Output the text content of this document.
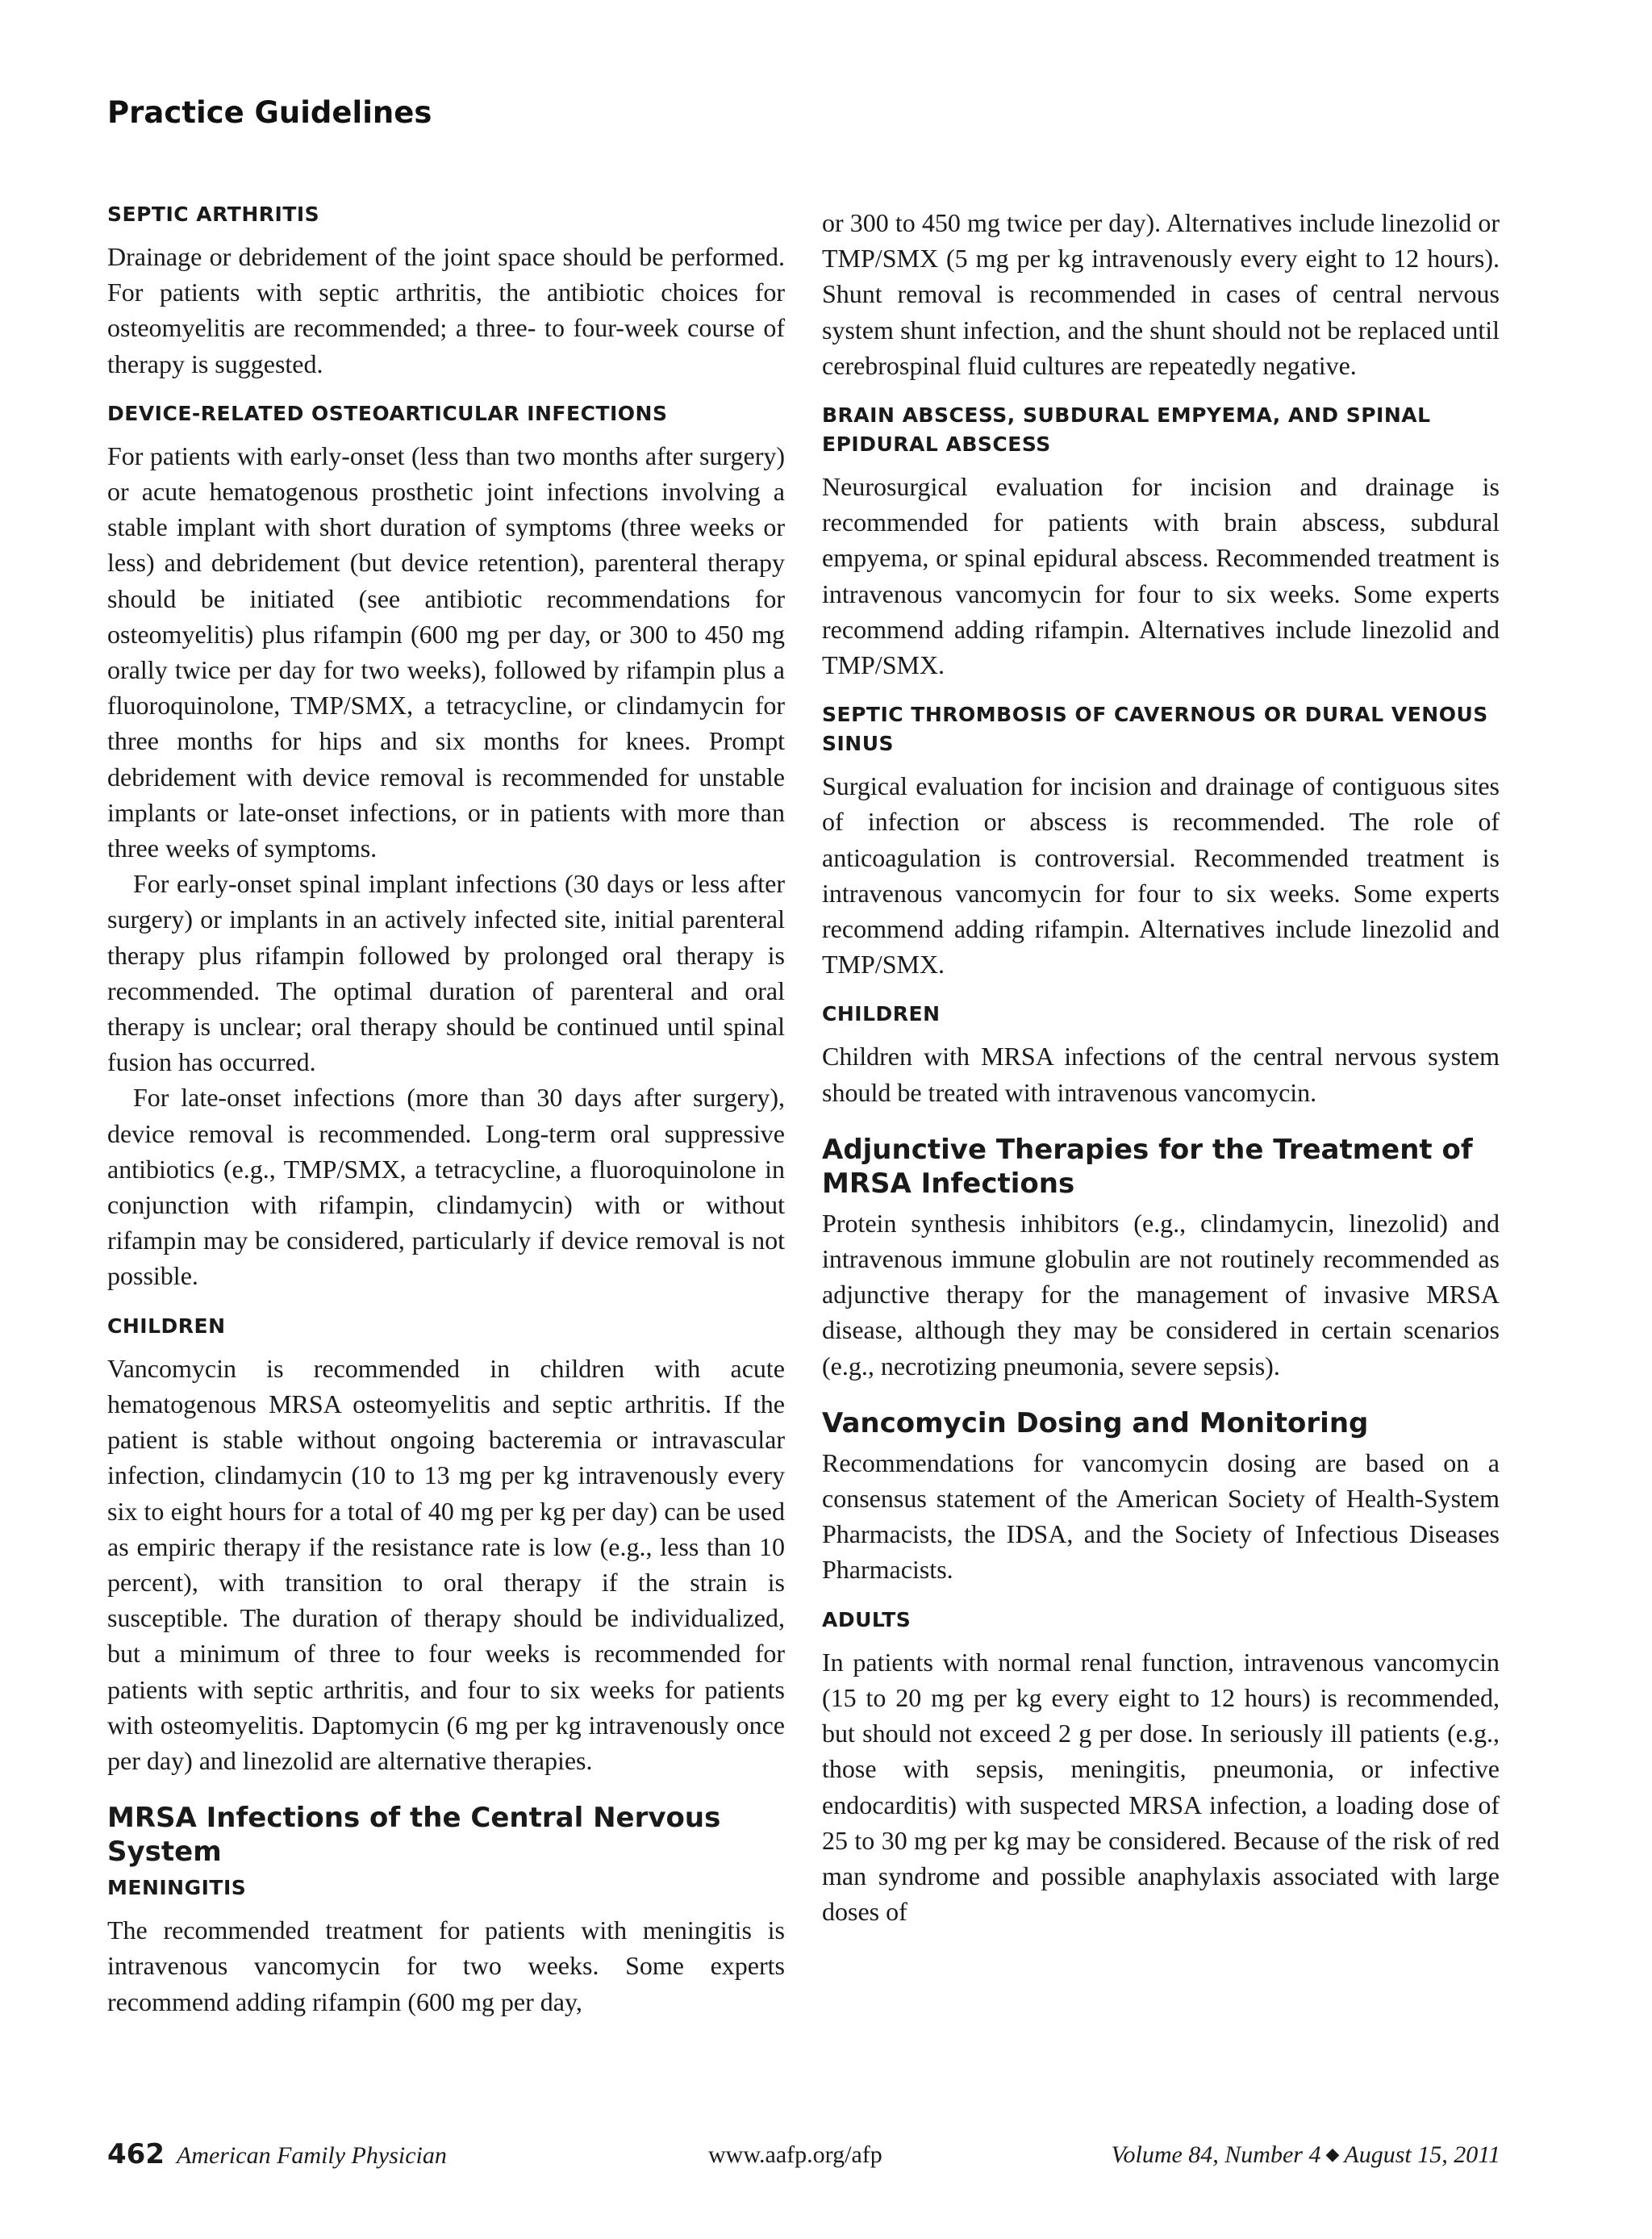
Practice Guidelines
SEPTIC ARTHRITIS

Drainage or debridement of the joint space should be performed. For patients with septic arthritis, the antibiotic choices for osteomyelitis are recommended; a three- to four-week course of therapy is suggested.

DEVICE-RELATED OSTEOARTICULAR INFECTIONS

For patients with early-onset (less than two months after surgery) or acute hematogenous prosthetic joint infections involving a stable implant with short duration of symptoms (three weeks or less) and debridement (but device retention), parenteral therapy should be initiated (see antibiotic recommendations for osteomyelitis) plus rifampin (600 mg per day, or 300 to 450 mg orally twice per day for two weeks), followed by rifampin plus a fluoroquinolone, TMP/SMX, a tetracycline, or clindamycin for three months for hips and six months for knees. Prompt debridement with device removal is recommended for unstable implants or late-onset infections, or in patients with more than three weeks of symptoms.

For early-onset spinal implant infections (30 days or less after surgery) or implants in an actively infected site, initial parenteral therapy plus rifampin followed by prolonged oral therapy is recommended. The optimal duration of parenteral and oral therapy is unclear; oral therapy should be continued until spinal fusion has occurred.

For late-onset infections (more than 30 days after surgery), device removal is recommended. Long-term oral suppressive antibiotics (e.g., TMP/SMX, a tetracycline, a fluoroquinolone in conjunction with rifampin, clindamycin) with or without rifampin may be considered, particularly if device removal is not possible.

CHILDREN

Vancomycin is recommended in children with acute hematogenous MRSA osteomyelitis and septic arthritis. If the patient is stable without ongoing bacteremia or intravascular infection, clindamycin (10 to 13 mg per kg intravenously every six to eight hours for a total of 40 mg per kg per day) can be used as empiric therapy if the resistance rate is low (e.g., less than 10 percent), with transition to oral therapy if the strain is susceptible. The duration of therapy should be individualized, but a minimum of three to four weeks is recommended for patients with septic arthritis, and four to six weeks for patients with osteomyelitis. Daptomycin (6 mg per kg intravenously once per day) and linezolid are alternative therapies.

MRSA Infections of the Central Nervous System
MENINGITIS

The recommended treatment for patients with meningitis is intravenous vancomycin for two weeks. Some experts recommend adding rifampin (600 mg per day,

or 300 to 450 mg twice per day). Alternatives include linezolid or TMP/SMX (5 mg per kg intravenously every eight to 12 hours). Shunt removal is recommended in cases of central nervous system shunt infection, and the shunt should not be replaced until cerebrospinal fluid cultures are repeatedly negative.

BRAIN ABSCESS, SUBDURAL EMPYEMA, AND SPINAL EPIDURAL ABSCESS

Neurosurgical evaluation for incision and drainage is recommended for patients with brain abscess, subdural empyema, or spinal epidural abscess. Recommended treatment is intravenous vancomycin for four to six weeks. Some experts recommend adding rifampin. Alternatives include linezolid and TMP/SMX.

SEPTIC THROMBOSIS OF CAVERNOUS OR DURAL VENOUS SINUS

Surgical evaluation for incision and drainage of contiguous sites of infection or abscess is recommended. The role of anticoagulation is controversial. Recommended treatment is intravenous vancomycin for four to six weeks. Some experts recommend adding rifampin. Alternatives include linezolid and TMP/SMX.

CHILDREN

Children with MRSA infections of the central nervous system should be treated with intravenous vancomycin.

Adjunctive Therapies for the Treatment of MRSA Infections

Protein synthesis inhibitors (e.g., clindamycin, linezolid) and intravenous immune globulin are not routinely recommended as adjunctive therapy for the management of invasive MRSA disease, although they may be considered in certain scenarios (e.g., necrotizing pneumonia, severe sepsis).

Vancomycin Dosing and Monitoring

Recommendations for vancomycin dosing are based on a consensus statement of the American Society of Health-System Pharmacists, the IDSA, and the Society of Infectious Diseases Pharmacists.

ADULTS

In patients with normal renal function, intravenous vancomycin (15 to 20 mg per kg every eight to 12 hours) is recommended, but should not exceed 2 g per dose. In seriously ill patients (e.g., those with sepsis, meningitis, pneumonia, or infective endocarditis) with suspected MRSA infection, a loading dose of 25 to 30 mg per kg may be considered. Because of the risk of red man syndrome and possible anaphylaxis associated with large doses of

462 American Family Physician	www.aafp.org/afp	Volume 84, Number 4 ◆ August 15, 2011
